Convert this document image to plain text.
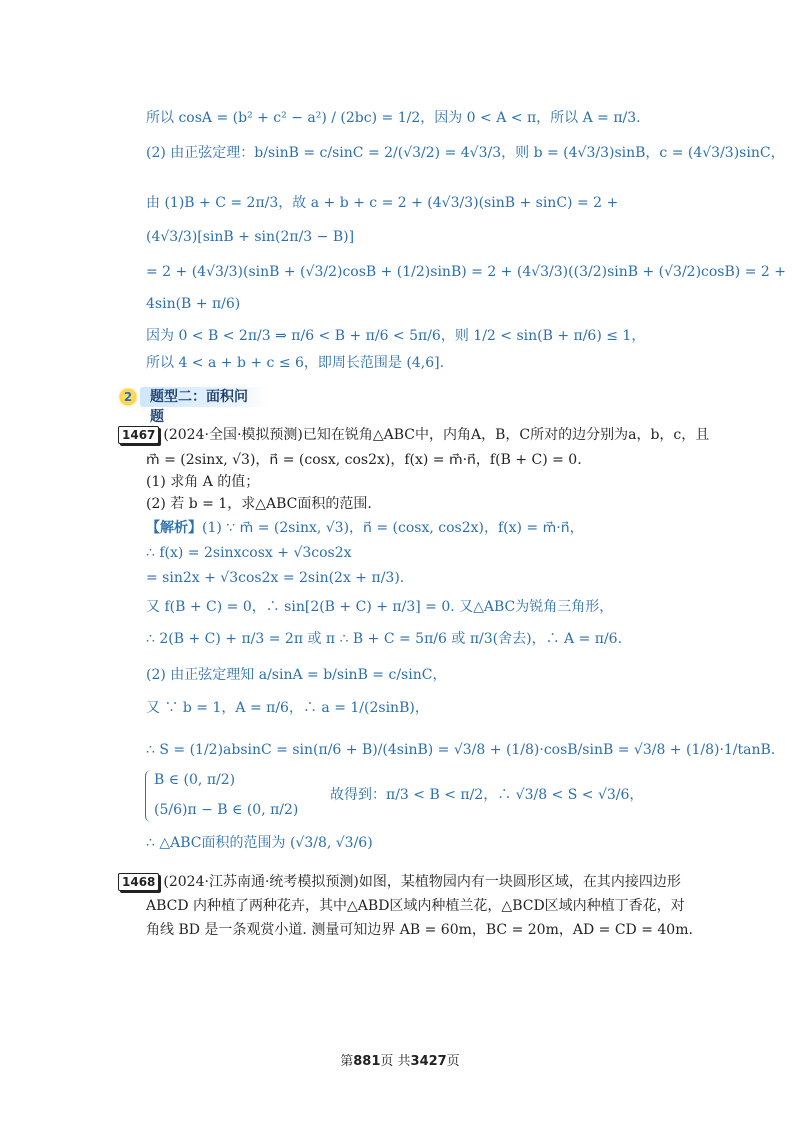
所以 cosA = (b² + c² − a²) / (2bc) = 1/2，因为 0 < A < π，所以 A = π/3.
(2) 由正弦定理：b/sinB = c/sinC = 2/(√3/2) = 4√3/3，则 b = (4√3/3)sinB，c = (4√3/3)sinC，
由 (1)B + C = 2π/3，故 a + b + c = 2 + (4√3/3)(sinB + sinC) = 2 +
(4√3/3)[sinB + sin(2π/3 − B)]
= 2 + (4√3/3)(sinB + (√3/2)cosB + (1/2)sinB) = 2 + (4√3/3)((3/2)sinB + (√3/2)cosB) = 2 +
4sin(B + π/6)
因为 0 < B < 2π/3 ⇒ π/6 < B + π/6 < 5π/6，则 1/2 < sin(B + π/6) ≤ 1，
所以 4 < a + b + c ≤ 6，即周长范围是 (4,6].
2	题型二：面积问题
1467 (2024·全国·模拟预测)已知在锐角△ABC中，内角A，B，C所对的边分别为a，b，c，且
m⃗ = (2sinx, √3)，n⃗ = (cosx, cos2x)，f(x) = m⃗·n⃗，f(B + C) = 0.
(1) 求角 A 的值；
(2) 若 b = 1，求△ABC面积的范围.
【解析】(1) ∵ m⃗ = (2sinx, √3)，n⃗ = (cosx, cos2x)，f(x) = m⃗·n⃗，
∴ f(x) = 2sinxcosx + √3cos2x
= sin2x + √3cos2x = 2sin(2x + π/3).
又 f(B + C) = 0，∴ sin[2(B + C) + π/3] = 0. 又△ABC为锐角三角形，
∴ 2(B + C) + π/3 = 2π 或 π ∴ B + C = 5π/6 或 π/3(舍去)，∴ A = π/6.
(2) 由正弦定理知 a/sinA = b/sinB = c/sinC，
又 ∵ b = 1，A = π/6，∴ a = 1/(2sinB)，
∴ S = (1/2)absinC = sin(π/6 + B)/(4sinB) = √3/8 + (1/8)·cosB/sinB = √3/8 + (1/8)·1/tanB.
B ∈ (0, π/2)
(5/6)π − B ∈ (0, π/2)
故得到：π/3 < B < π/2，∴ √3/8 < S < √3/6，
∴ △ABC面积的范围为 (√3/8, √3/6)
1468 (2024·江苏南通·统考模拟预测)如图，某植物园内有一块圆形区域，在其内接四边形
ABCD 内种植了两种花卉，其中△ABD区域内种植兰花，△BCD区域内种植丁香花，对
角线 BD 是一条观赏小道. 测量可知边界 AB = 60m，BC = 20m，AD = CD = 40m.
第881页 共3427页
